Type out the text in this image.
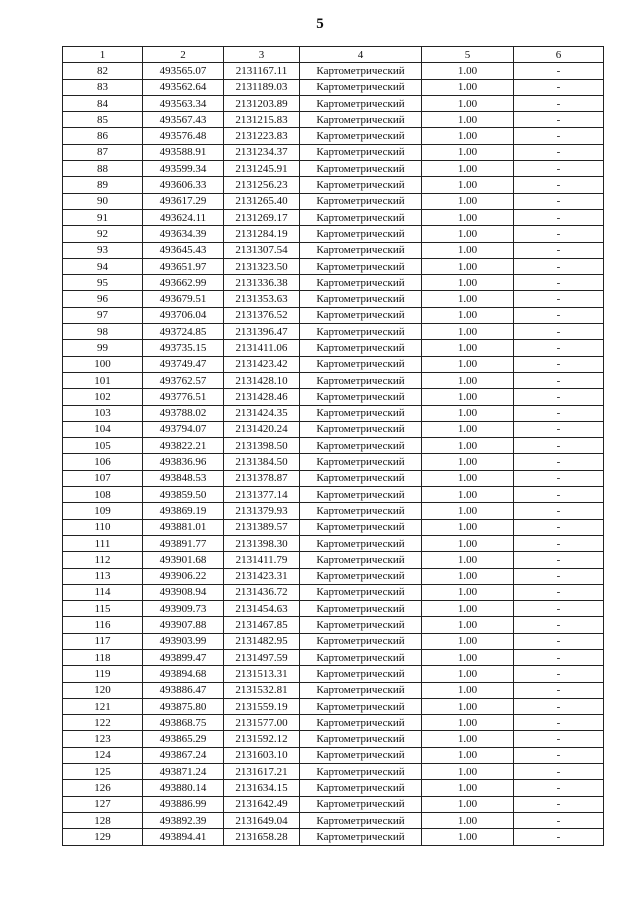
5
1	2	3	4	5	6
82	493565.07	2131167.11	Картометрический	1.00	-
83	493562.64	2131189.03	Картометрический	1.00	-
84	493563.34	2131203.89	Картометрический	1.00	-
85	493567.43	2131215.83	Картометрический	1.00	-
86	493576.48	2131223.83	Картометрический	1.00	-
87	493588.91	2131234.37	Картометрический	1.00	-
88	493599.34	2131245.91	Картометрический	1.00	-
89	493606.33	2131256.23	Картометрический	1.00	-
90	493617.29	2131265.40	Картометрический	1.00	-
91	493624.11	2131269.17	Картометрический	1.00	-
92	493634.39	2131284.19	Картометрический	1.00	-
93	493645.43	2131307.54	Картометрический	1.00	-
94	493651.97	2131323.50	Картометрический	1.00	-
95	493662.99	2131336.38	Картометрический	1.00	-
96	493679.51	2131353.63	Картометрический	1.00	-
97	493706.04	2131376.52	Картометрический	1.00	-
98	493724.85	2131396.47	Картометрический	1.00	-
99	493735.15	2131411.06	Картометрический	1.00	-
100	493749.47	2131423.42	Картометрический	1.00	-
101	493762.57	2131428.10	Картометрический	1.00	-
102	493776.51	2131428.46	Картометрический	1.00	-
103	493788.02	2131424.35	Картометрический	1.00	-
104	493794.07	2131420.24	Картометрический	1.00	-
105	493822.21	2131398.50	Картометрический	1.00	-
106	493836.96	2131384.50	Картометрический	1.00	-
107	493848.53	2131378.87	Картометрический	1.00	-
108	493859.50	2131377.14	Картометрический	1.00	-
109	493869.19	2131379.93	Картометрический	1.00	-
110	493881.01	2131389.57	Картометрический	1.00	-
111	493891.77	2131398.30	Картометрический	1.00	-
112	493901.68	2131411.79	Картометрический	1.00	-
113	493906.22	2131423.31	Картометрический	1.00	-
114	493908.94	2131436.72	Картометрический	1.00	-
115	493909.73	2131454.63	Картометрический	1.00	-
116	493907.88	2131467.85	Картометрический	1.00	-
117	493903.99	2131482.95	Картометрический	1.00	-
118	493899.47	2131497.59	Картометрический	1.00	-
119	493894.68	2131513.31	Картометрический	1.00	-
120	493886.47	2131532.81	Картометрический	1.00	-
121	493875.80	2131559.19	Картометрический	1.00	-
122	493868.75	2131577.00	Картометрический	1.00	-
123	493865.29	2131592.12	Картометрический	1.00	-
124	493867.24	2131603.10	Картометрический	1.00	-
125	493871.24	2131617.21	Картометрический	1.00	-
126	493880.14	2131634.15	Картометрический	1.00	-
127	493886.99	2131642.49	Картометрический	1.00	-
128	493892.39	2131649.04	Картометрический	1.00	-
129	493894.41	2131658.28	Картометрический	1.00	-
